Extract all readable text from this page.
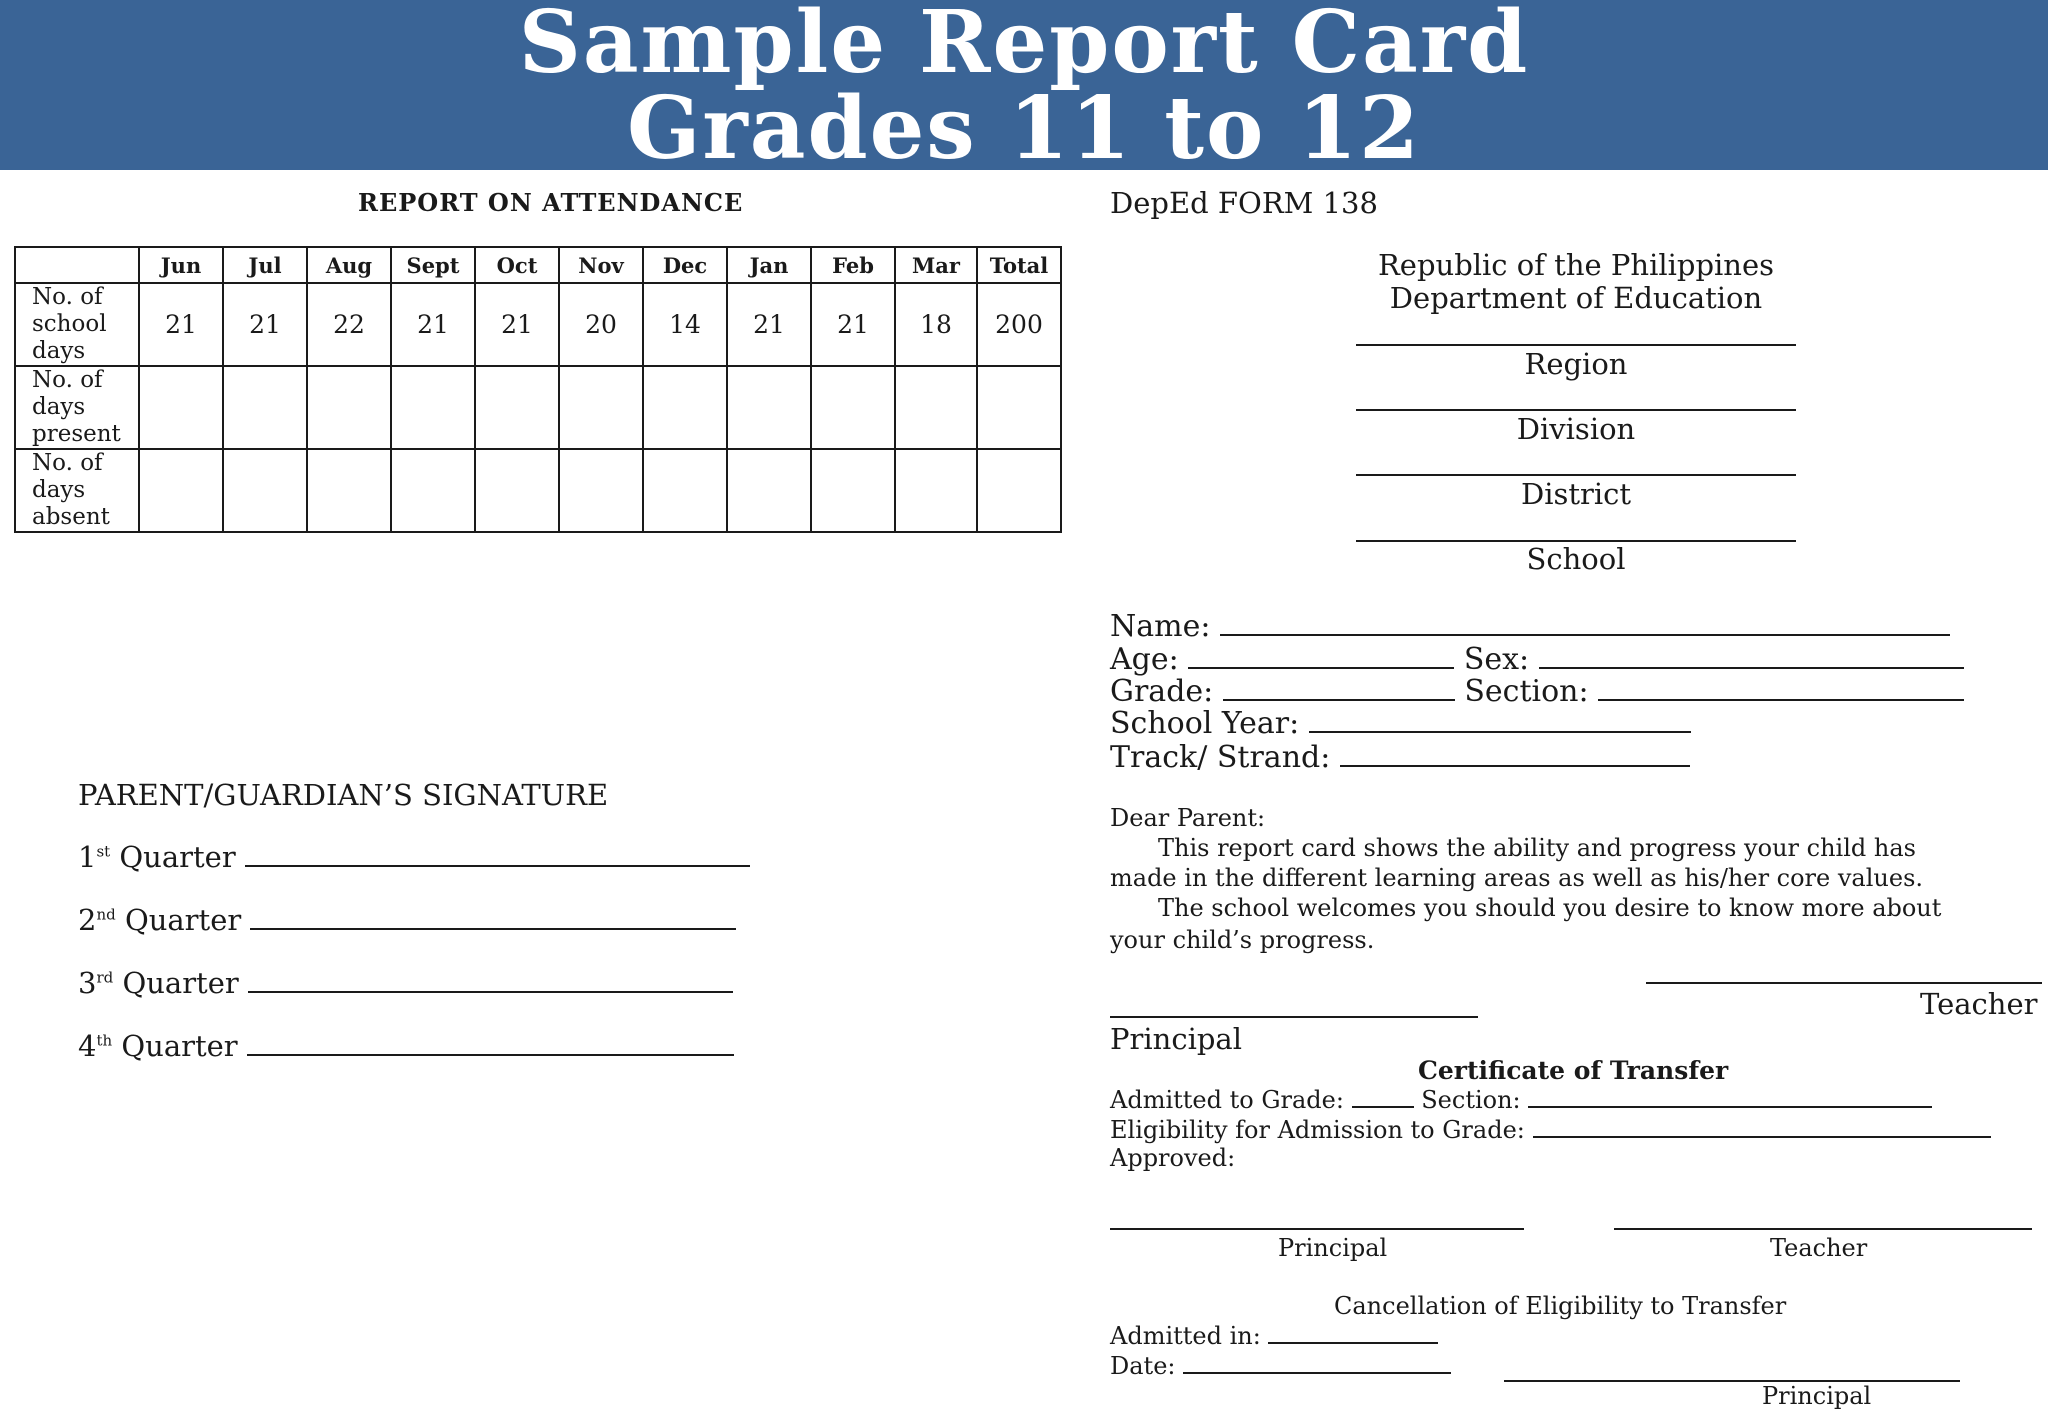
Sample Report Card
Grades 11 to 12
REPORT ON ATTENDANCE
	Jun	Jul	Aug	Sept	Oct	Nov	Dec	Jan	Feb	Mar	Total
No. of
school
days	21	21	22	21	21	20	14	21	21	18	200
No. of
days
present											
No. of
days
absent											
PARENT/GUARDIAN’S SIGNATURE
1st Quarter
2nd Quarter
3rd Quarter
4th Quarter
DepEd FORM 138
Republic of the Philippines
Department of Education
Region
Division
District
School
Name:
Age:	Sex:
Grade:	Section:
School Year:
Track/ Strand:
Dear Parent:
This report card shows the ability and progress your child has
made in the different learning areas as well as his/her core values.
The school welcomes you should you desire to know more about
your child’s progress.
Teacher
Principal
Certificate of Transfer
Admitted to Grade:	Section:
Eligibility for Admission to Grade:
Approved:
Principal	Teacher
Cancellation of Eligibility to Transfer
Admitted in:
Date:
Principal
